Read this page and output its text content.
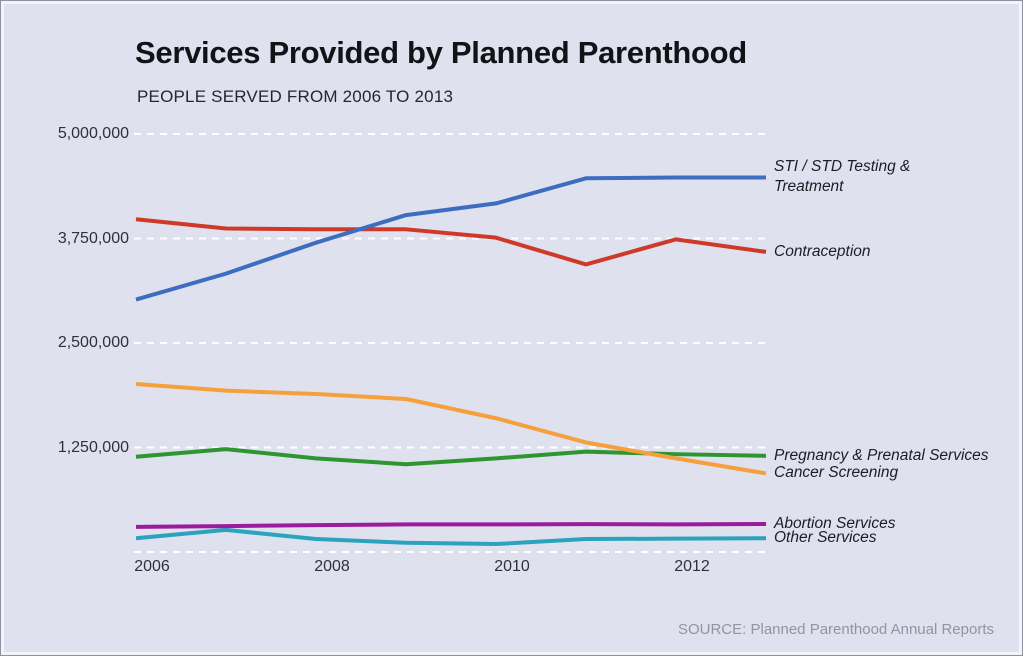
Services Provided by Planned Parenthood
PEOPLE SERVED FROM 2006 TO 2013
5,000,000
3,750,000
2,500,000
1,250,000
2006	2008	2010	2012
Contraception
STI / STD Testing &
Treatment
Pregnancy & Prenatal Services
Cancer Screening
Other Services
Abortion Services
SOURCE: Planned Parenthood Annual Reports
